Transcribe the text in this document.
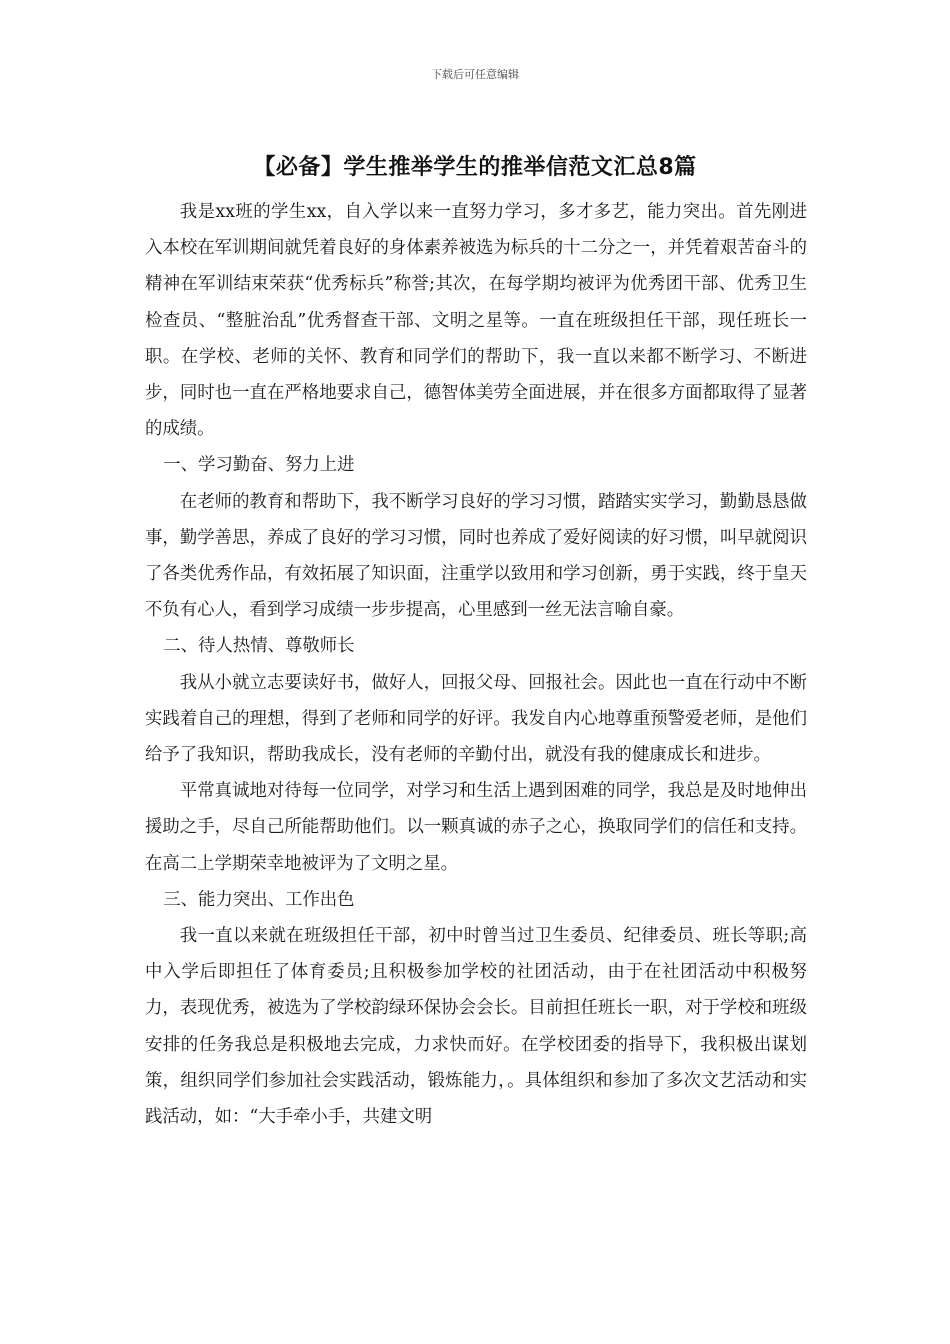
下载后可任意编辑
【必备】学生推举学生的推举信范文汇总8篇

我是xx班的学生xx，自入学以来一直努力学习，多才多艺，能力突出。首先刚进入本校在军训期间就凭着良好的身体素养被选为标兵的十二分之一，并凭着艰苦奋斗的精神在军训结束荣获“优秀标兵”称誉;其次，在每学期均被评为优秀团干部、优秀卫生检查员、“整脏治乱”优秀督查干部、文明之星等。一直在班级担任干部，现任班长一职。在学校、老师的关怀、教育和同学们的帮助下，我一直以来都不断学习、不断进步，同时也一直在严格地要求自己，德智体美劳全面进展，并在很多方面都取得了显著的成绩。

一、学习勤奋、努力上进

在老师的教育和帮助下，我不断学习良好的学习习惯，踏踏实实学习，勤勤恳恳做事，勤学善思，养成了良好的学习习惯，同时也养成了爱好阅读的好习惯，叫早就阅识了各类优秀作品，有效拓展了知识面，注重学以致用和学习创新，勇于实践，终于皇天不负有心人，看到学习成绩一步步提高，心里感到一丝无法言喻自豪。

二、待人热情、尊敬师长

我从小就立志要读好书，做好人，回报父母、回报社会。因此也一直在行动中不断实践着自己的理想，得到了老师和同学的好评。我发自内心地尊重预警爱老师，是他们给予了我知识，帮助我成长，没有老师的辛勤付出，就没有我的健康成长和进步。

平常真诚地对待每一位同学，对学习和生活上遇到困难的同学，我总是及时地伸出援助之手，尽自己所能帮助他们。以一颗真诚的赤子之心，换取同学们的信任和支持。在高二上学期荣幸地被评为了文明之星。

三、能力突出、工作出色

我一直以来就在班级担任干部，初中时曾当过卫生委员、纪律委员、班长等职;高中入学后即担任了体育委员;且积极参加学校的社团活动，由于在社团活动中积极努力，表现优秀，被选为了学校韵绿环保协会会长。目前担任班长一职，对于学校和班级安排的任务我总是积极地去完成，力求快而好。在学校团委的指导下，我积极出谋划策，组织同学们参加社会实践活动，锻炼能力，。具体组织和参加了多次文艺活动和实践活动，如：“大手牵小手，共建文明
